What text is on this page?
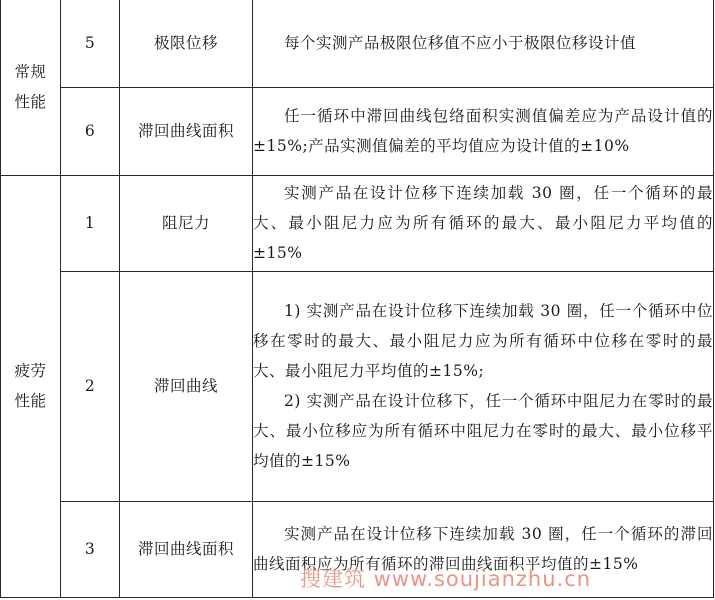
常规
性能	5	极限位移	每个实测产品极限位移值不应小于极限位移设计值

	6	滞回曲线面积	任一循环中滞回曲线包络面积实测值偏差应为产品设计值的±15%;产品实测值偏差的平均值应为设计值的±10%

疲劳
性能	1	阻尼力	实测产品在设计位移下连续加载 30 圈，任一个循环的最大、最小阻尼力应为所有循环的最大、最小阻尼力平均值的±15%

	2	滞回曲线	1) 实测产品在设计位移下连续加载 30 圈，任一个循环中位移在零时的最大、最小阻尼力应为所有循环中位移在零时的最大、最小阻尼力平均值的±15%;

2) 实测产品在设计位移下，任一个循环中阻尼力在零时的最大、最小位移应为所有循环中阻尼力在零时的最大、最小位移平均值的±15%

	3	滞回曲线面积	实测产品在设计位移下连续加载 30 圈，任一个循环的滞回曲线面积应为所有循环的滞回曲线面积平均值的±15%

搜建筑 www.soujianzhu.cn
